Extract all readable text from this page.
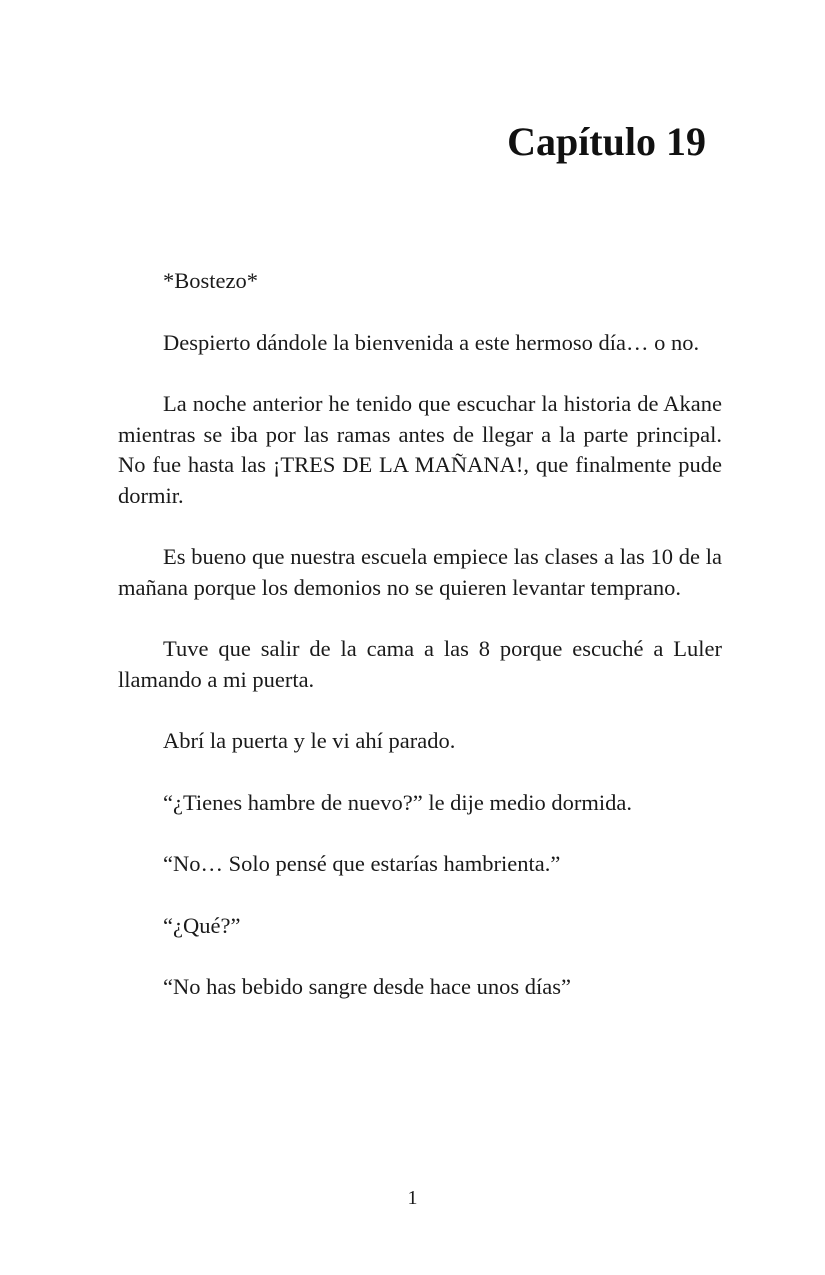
Capítulo 19

*Bostezo*

Despierto dándole la bienvenida a este hermoso día… o no.

La noche anterior he tenido que escuchar la historia de Akane mientras se iba por las ramas antes de llegar a la parte principal. No fue hasta las ¡TRES DE LA MAÑANA!, que finalmente pude dormir.

Es bueno que nuestra escuela empiece las clases a las 10 de la mañana porque los demonios no se quieren levantar temprano.

Tuve que salir de la cama a las 8 porque escuché a Luler llamando a mi puerta.

Abrí la puerta y le vi ahí parado.

“¿Tienes hambre de nuevo?” le dije medio dormida.

“No… Solo pensé que estarías hambrienta.”

“¿Qué?”

“No has bebido sangre desde hace unos días”

1
